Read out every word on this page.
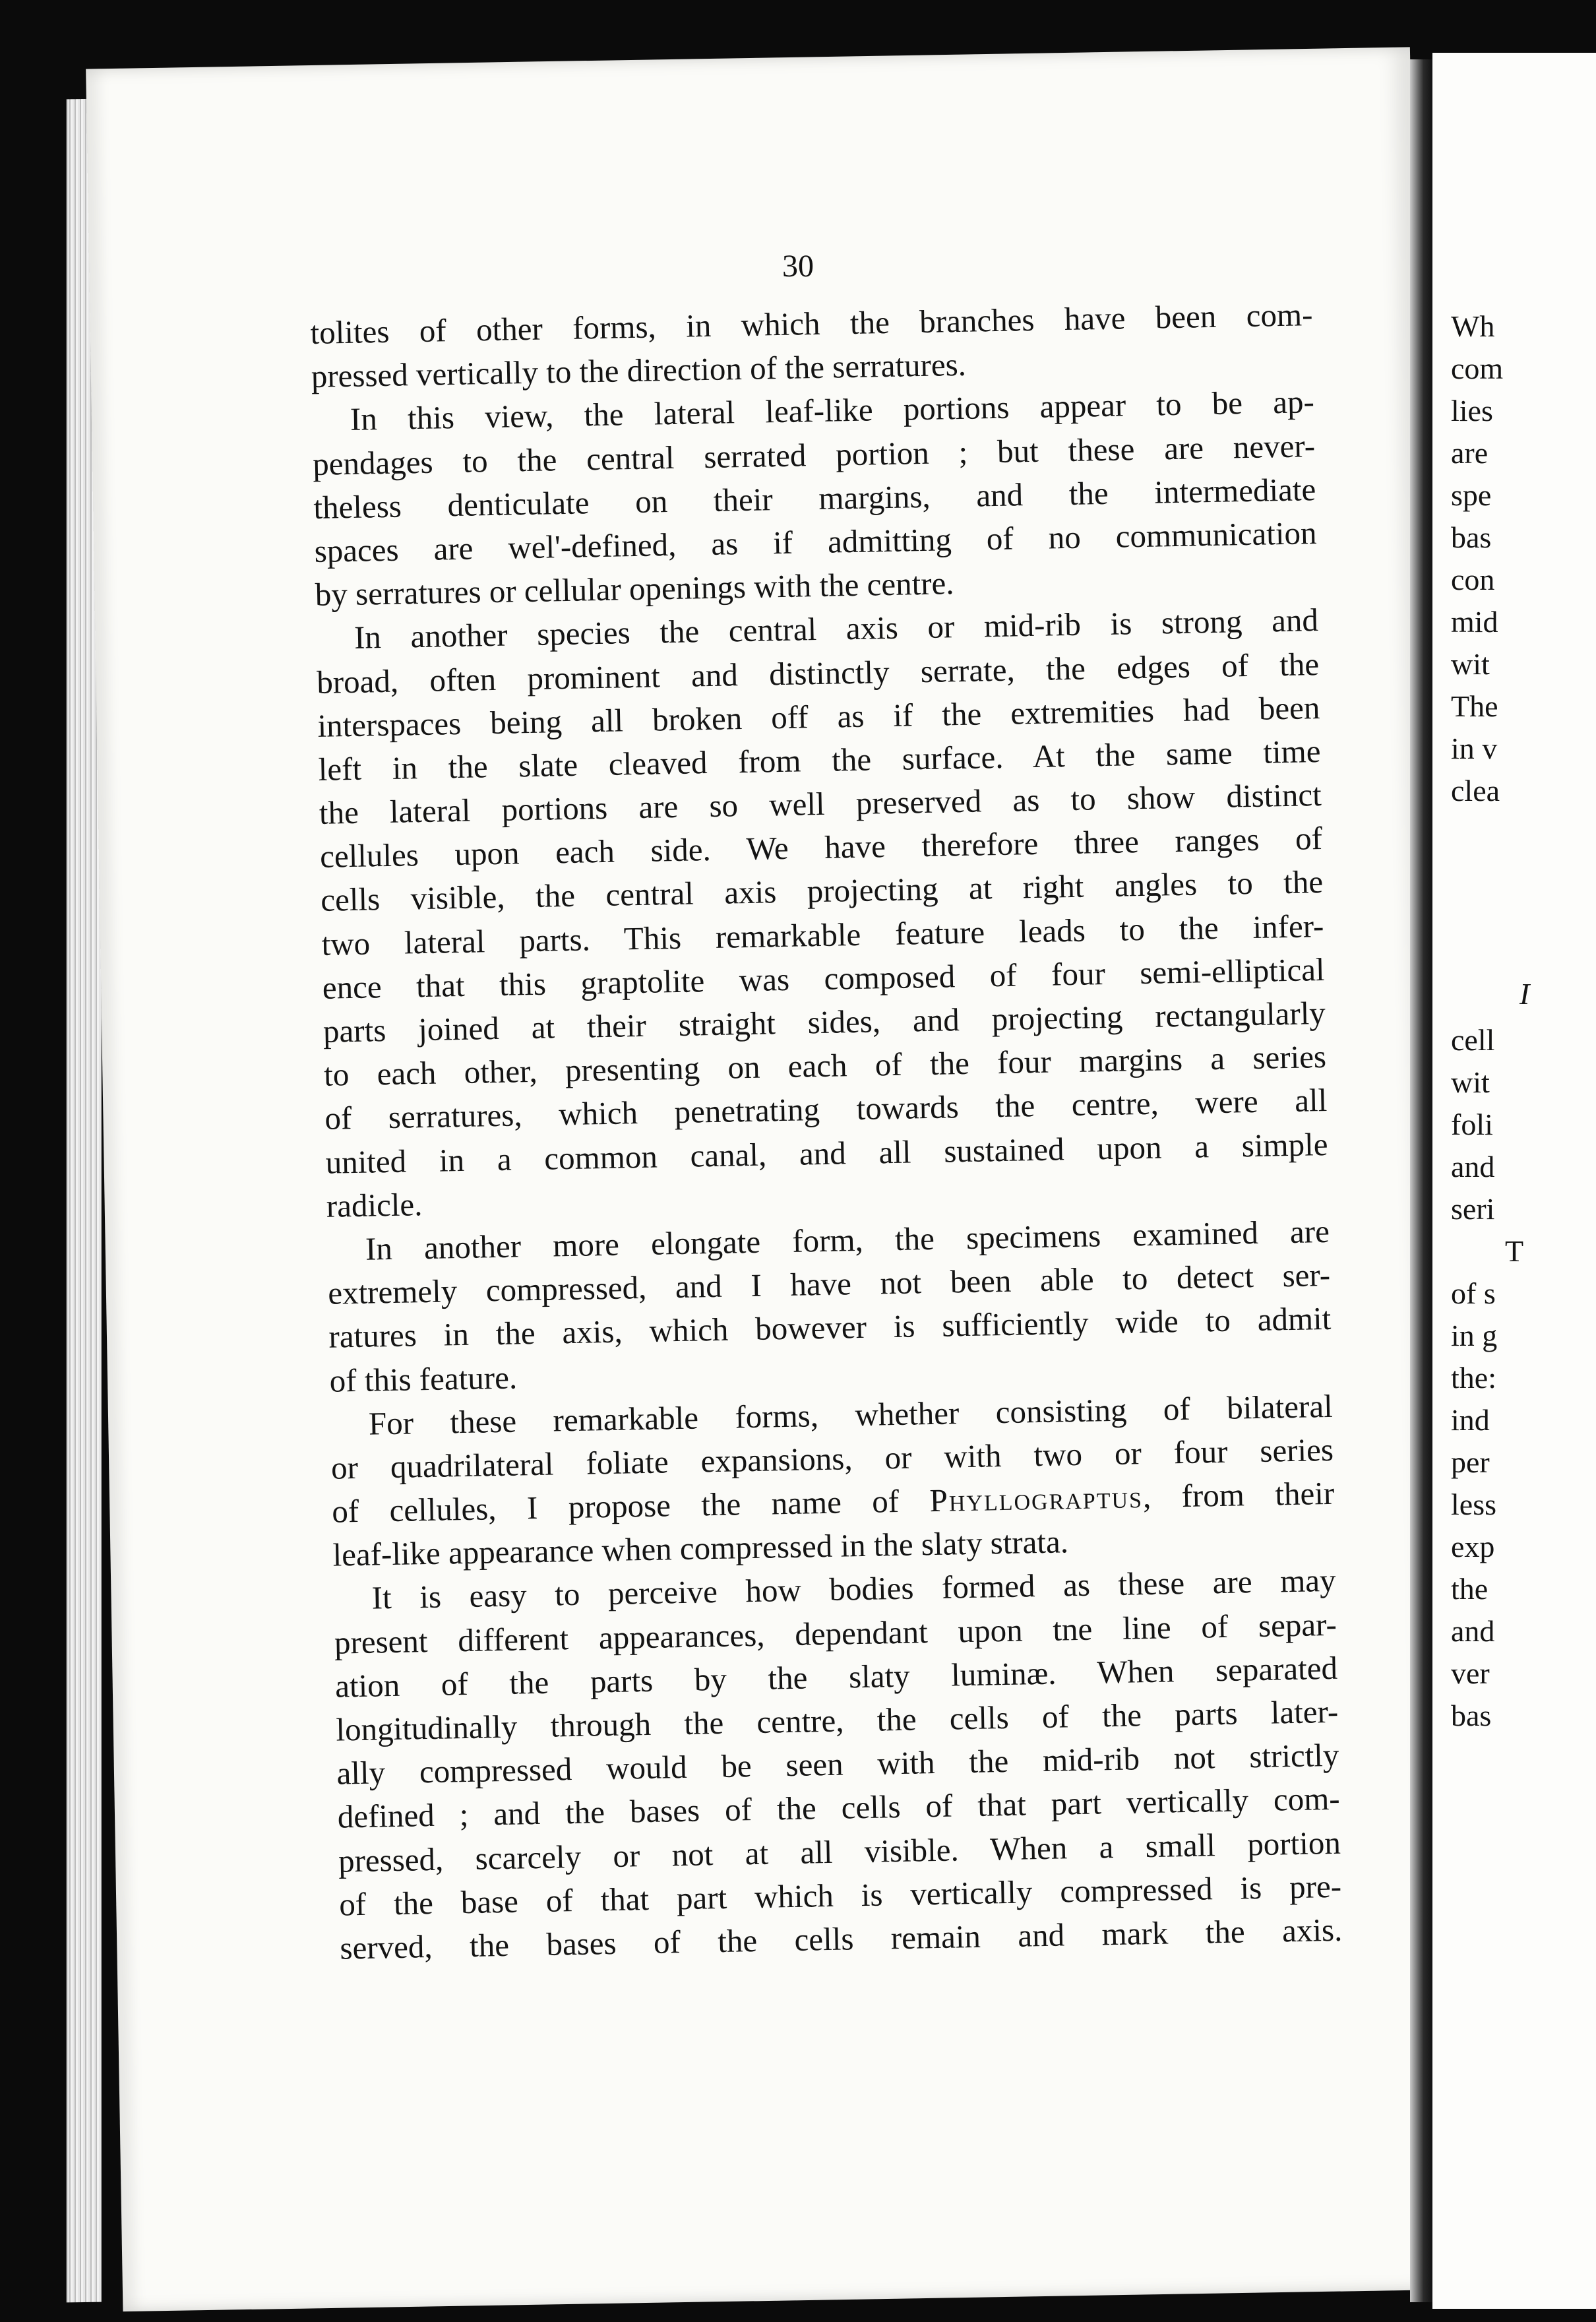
Wh
com
lies
are
spe
bas
con
mid
wit
The
in v
clea
I
cell
wit
foli
and
seri
T
of s
in g
the:
ind
per
less
exp
the
and
ver
bas
30
tolites of other forms, in which the branches have been com-
pressed vertically to the direction of the serratures.
In this view, the lateral leaf-like portions appear to be ap-
pendages to the central serrated portion ; but these are never-
theless denticulate on their margins, and the intermediate
spaces are wel'-defined, as if admitting of no communication
by serratures or cellular openings with the centre.
In another species the central axis or mid-rib is strong and
broad, often prominent and distinctly serrate, the edges of the
interspaces being all broken off as if the extremities had been
left in the slate cleaved from the surface. At the same time
the lateral portions are so well preserved as to show distinct
cellules upon each side. We have therefore three ranges of
cells visible, the central axis projecting at right angles to the
two lateral parts. This remarkable feature leads to the infer-
ence that this graptolite was composed of four semi-elliptical
parts joined at their straight sides, and projecting rectangularly
to each other, presenting on each of the four margins a series
of serratures, which penetrating towards the centre, were all
united in a common canal, and all sustained upon a simple
radicle.
In another more elongate form, the specimens examined are
extremely compressed, and I have not been able to detect ser-
ratures in the axis, which bowever is sufficiently wide to admit
of this feature.
For these remarkable forms, whether consisting of bilateral
or quadrilateral foliate expansions, or with two or four series
of cellules, I propose the name of Phyllograptus, from their
leaf-like appearance when compressed in the slaty strata.
It is easy to perceive how bodies formed as these are may
present different appearances, dependant upon tne line of separ-
ation of the parts by the slaty luminæ. When separated
longitudinally through the centre, the cells of the parts later-
ally compressed would be seen with the mid-rib not strictly
defined ; and the bases of the cells of that part vertically com-
pressed, scarcely or not at all visible. When a small portion
of the base of that part which is vertically compressed is pre-
served, the bases of the cells remain and mark the axis.
